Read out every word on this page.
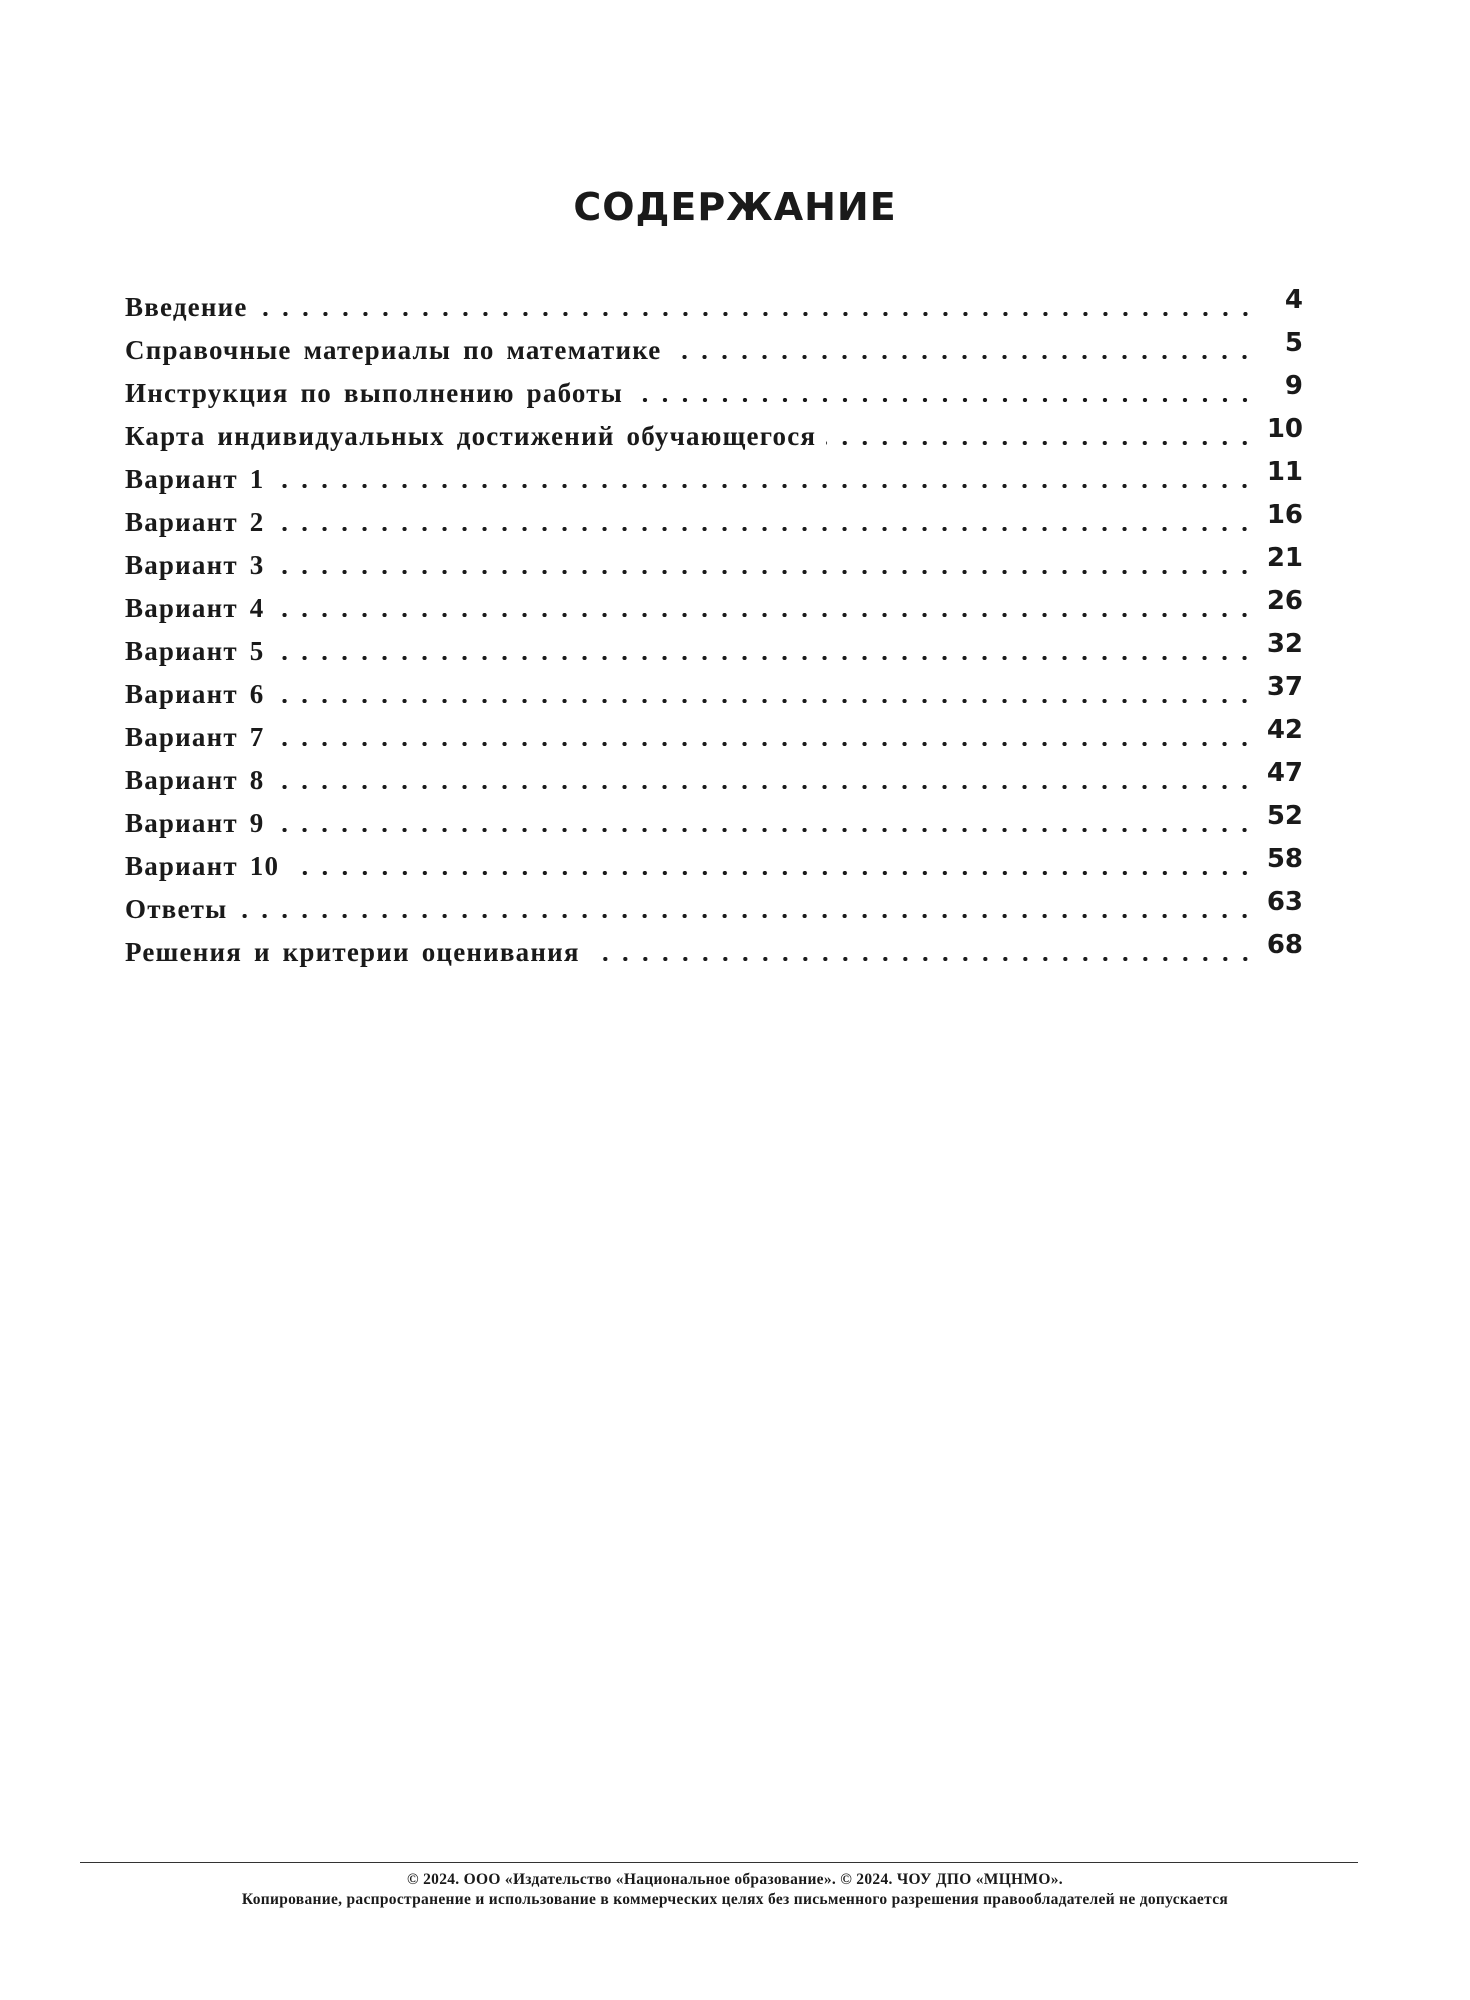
СОДЕРЖАНИЕ
Введение	4
Справочные материалы по математике	5
Инструкция по выполнению работы	9
Карта индивидуальных достижений обучающегося	10
Вариант 1	11
Вариант 2	16
Вариант 3	21
Вариант 4	26
Вариант 5	32
Вариант 6	37
Вариант 7	42
Вариант 8	47
Вариант 9	52
Вариант 10	58
Ответы	63
Решения и критерии оценивания	68
© 2024. ООО «Издательство «Национальное образование». © 2024. ЧОУ ДПО «МЦНМО».
Копирование, распространение и использование в коммерческих целях без письменного разрешения правообладателей не допускается
